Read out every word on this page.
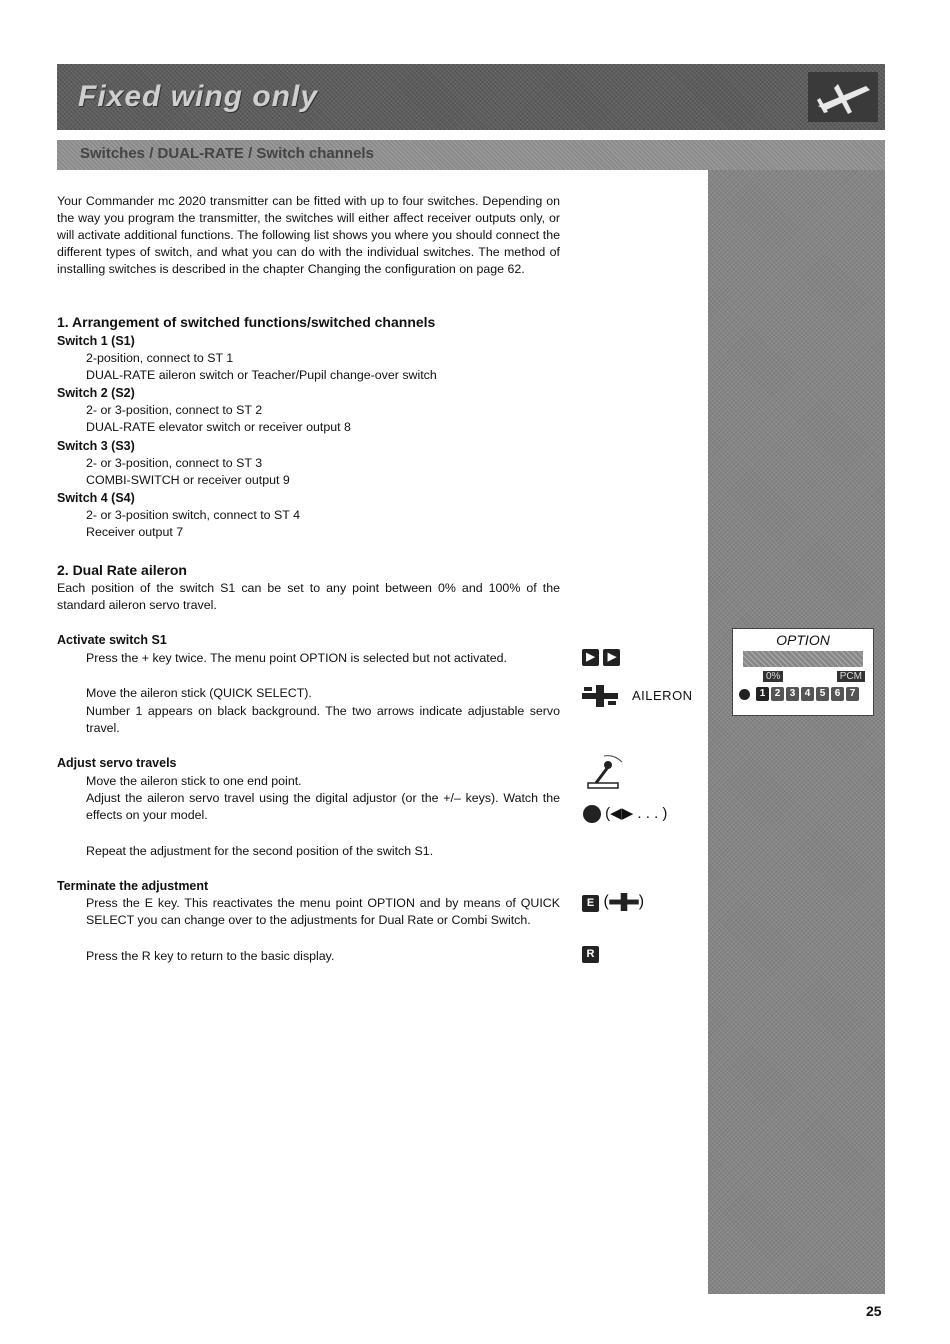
Fixed wing only
Switches / DUAL-RATE / Switch channels
Your Commander mc 2020 transmitter can be fitted with up to four switches. Depending on the way you program the transmitter, the switches will either affect receiver outputs only, or will activate additional functions. The following list shows you where you should connect the different types of switch, and what you can do with the individual switches. The method of installing switches is described in the chapter Changing the configuration on page 62.
1. Arrangement of switched functions/switched channels
Switch 1 (S1)
2-position, connect to ST 1
DUAL-RATE aileron switch or Teacher/Pupil change-over switch
Switch 2 (S2)
2- or 3-position, connect to ST 2
DUAL-RATE elevator switch or receiver output 8
Switch 3 (S3)
2- or 3-position, connect to ST 3
COMBI-SWITCH or receiver output 9
Switch 4 (S4)
2- or 3-position switch, connect to ST 4
Receiver output 7
2. Dual Rate aileron
Each position of the switch S1 can be set to any point between 0% and 100% of the standard aileron servo travel.
Activate switch S1
Press the + key twice. The menu point OPTION is selected but not activated.
Move the aileron stick (QUICK SELECT).
Number 1 appears on black background. The two arrows indicate adjustable servo travel.
Adjust servo travels
Move the aileron stick to one end point.
Adjust the aileron servo travel using the digital adjustor (or the +/– keys). Watch the effects on your model.
Repeat the adjustment for the second position of the switch S1.
Terminate the adjustment
Press the E key. This reactivates the menu point OPTION and by means of QUICK SELECT you can change over to the adjustments for Dual Rate or Combi Switch.
Press the R key to return to the basic display.
▶ ▶
AILERON
(◀▶ . . . )
E ( )
R
OPTION
0%	PCM
1 2 3 4 5 6 7
25
